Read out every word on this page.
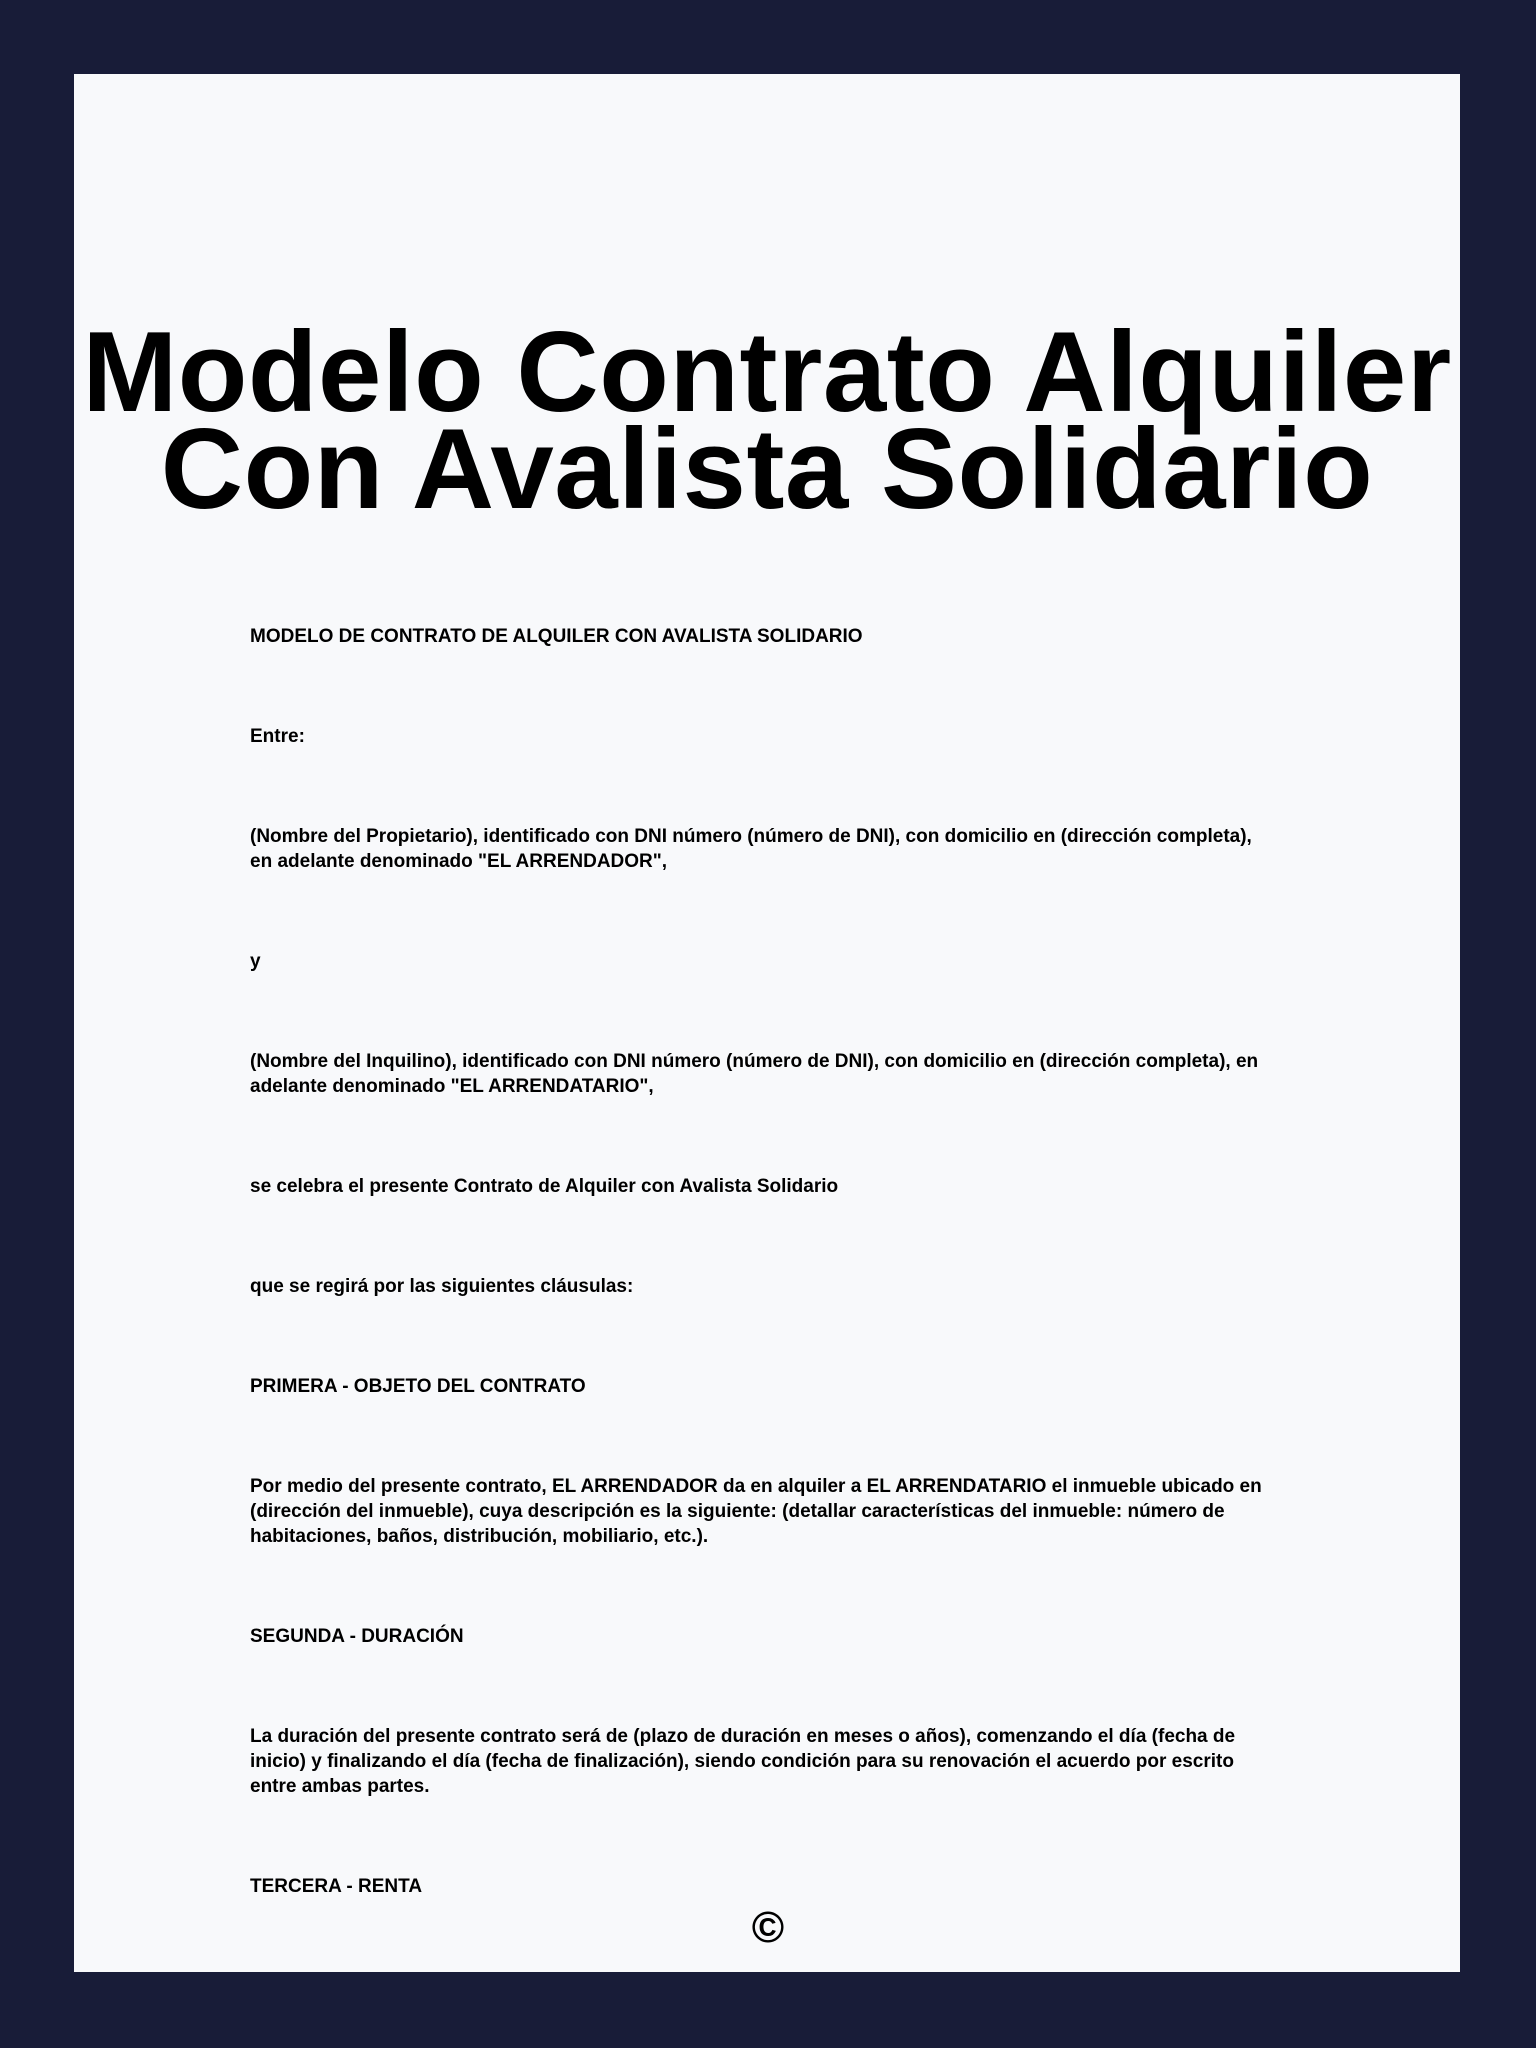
Modelo Contrato Alquiler
Con Avalista Solidario

MODELO DE CONTRATO DE ALQUILER CON AVALISTA SOLIDARIO

Entre:

(Nombre del Propietario), identificado con DNI número (número de DNI), con domicilio en (dirección completa), en adelante denominado "EL ARRENDADOR",

y

(Nombre del Inquilino), identificado con DNI número (número de DNI), con domicilio en (dirección completa), en adelante denominado "EL ARRENDATARIO",

se celebra el presente Contrato de Alquiler con Avalista Solidario

que se regirá por las siguientes cláusulas:

PRIMERA - OBJETO DEL CONTRATO

Por medio del presente contrato, EL ARRENDADOR da en alquiler a EL ARRENDATARIO el inmueble ubicado en (dirección del inmueble), cuya descripción es la siguiente: (detallar características del inmueble: número de habitaciones, baños, distribución, mobiliario, etc.).

SEGUNDA - DURACIÓN

La duración del presente contrato será de (plazo de duración en meses o años), comenzando el día (fecha de inicio) y finalizando el día (fecha de finalización), siendo condición para su renovación el acuerdo por escrito entre ambas partes.

TERCERA - RENTA

©
